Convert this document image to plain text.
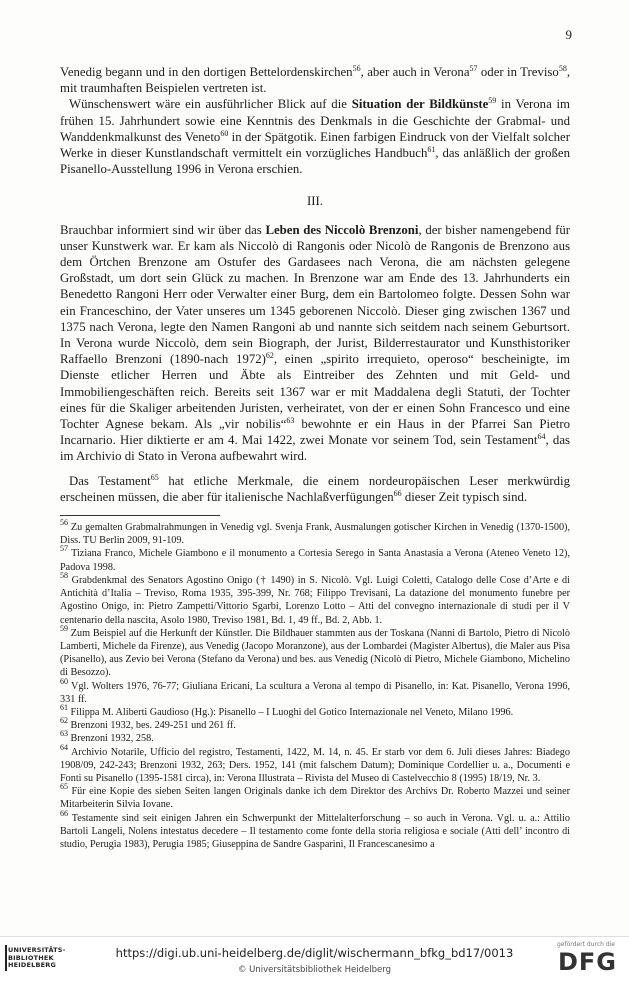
9

Venedig begann und in den dortigen Bettelordenskirchen$^{56}$, aber auch in Verona$^{57}$ oder in Treviso$^{58}$, mit traumhaften Beispielen vertreten ist.

Wünschenswert wäre ein ausführlicher Blick auf die Situation der Bildkünste$^{59}$ in Verona im frühen 15. Jahrhundert sowie eine Kenntnis des Denkmals in die Geschichte der Grabmal- und Wanddenkmalkunst des Veneto$^{60}$ in der Spätgotik. Einen farbigen Eindruck von der Vielfalt solcher Werke in dieser Kunstlandschaft vermittelt ein vorzügliches Handbuch$^{61}$, das anläßlich der großen Pisanello-Ausstellung 1996 in Verona erschien.

III.

Brauchbar informiert sind wir über das Leben des Niccolò Brenzoni, der bisher namengebend für unser Kunstwerk war. Er kam als Niccolò di Rangonis oder Nicolò de Rangonis de Brenzono aus dem Örtchen Brenzone am Ostufer des Gardasees nach Verona, die am nächsten gelegene Großstadt, um dort sein Glück zu machen. In Brenzone war am Ende des 13. Jahrhunderts ein Benedetto Rangoni Herr oder Verwalter einer Burg, dem ein Bartolomeo folgte. Dessen Sohn war ein Franceschino, der Vater unseres um 1345 geborenen Niccolò. Dieser ging zwischen 1367 und 1375 nach Verona, legte den Namen Rangoni ab und nannte sich seitdem nach seinem Geburtsort. In Verona wurde Niccolò, dem sein Biograph, der Jurist, Bilderrestaurator und Kunsthistoriker Raffaello Brenzoni (1890-nach 1972)$^{62}$, einen „spirito irrequieto, operoso“ bescheinigte, im Dienste etlicher Herren und Äbte als Eintreiber des Zehnten und mit Geld- und Immobiliengeschäften reich. Bereits seit 1367 war er mit Maddalena degli Statuti, der Tochter eines für die Skaliger arbeitenden Juristen, verheiratet, von der er einen Sohn Francesco und eine Tochter Agnese bekam. Als „vir nobilis“$^{63}$ bewohnte er ein Haus in der Pfarrei San Pietro Incarnario. Hier diktierte er am 4. Mai 1422, zwei Monate vor seinem Tod, sein Testament$^{64}$, das im Archivio di Stato in Verona aufbewahrt wird.

Das Testament$^{65}$ hat etliche Merkmale, die einem nordeuropäischen Leser merkwürdig erscheinen müssen, die aber für italienische Nachlaßverfügungen$^{66}$ dieser Zeit typisch sind.

$^{56}$ Zu gemalten Grabmalrahmungen in Venedig vgl. Svenja Frank, Ausmalungen gotischer Kirchen in Venedig (1370-1500), Diss. TU Berlin 2009, 91-109.

$^{57}$ Tiziana Franco, Michele Giambono e il monumento a Cortesia Serego in Santa Anastasia a Verona (Ateneo Veneto 12), Padova 1998.

$^{58}$ Grabdenkmal des Senators Agostino Onigo († 1490) in S. Nicolò. Vgl. Luigi Coletti, Catalogo delle Cose d’Arte e di Antichità d’Italia – Treviso, Roma 1935, 395-399, Nr. 768; Filippo Trevisani, La datazione del monumento funebre per Agostino Onigo, in: Pietro Zampetti/Vittorio Sgarbi, Lorenzo Lotto – Atti del convegno internazionale di studi per il V centenario della nascita, Asolo 1980, Treviso 1981, Bd. 1, 49 ff., Bd. 2, Abb. 1.

$^{59}$ Zum Beispiel auf die Herkunft der Künstler. Die Bildhauer stammten aus der Toskana (Nanni di Bartolo, Pietro di Nicolò Lamberti, Michele da Firenze), aus Venedig (Jacopo Moranzone), aus der Lombardei (Magister Albertus), die Maler aus Pisa (Pisanello), aus Zevio bei Verona (Stefano da Verona) und bes. aus Venedig (Nicolò di Pietro, Michele Giambono, Michelino di Besozzo).

$^{60}$ Vgl. Wolters 1976, 76-77; Giuliana Ericani, La scultura a Verona al tempo di Pisanello, in: Kat. Pisanello, Verona 1996, 331 ff.

$^{61}$ Filippa M. Aliberti Gaudioso (Hg.): Pisanello – I Luoghi del Gotico Internazionale nel Veneto, Milano 1996.

$^{62}$ Brenzoni 1932, bes. 249-251 und 261 ff.

$^{63}$ Brenzoni 1932, 258.

$^{64}$ Archivio Notarile, Ufficio del registro, Testamenti, 1422, M. 14, n. 45. Er starb vor dem 6. Juli dieses Jahres: Biadego 1908/09, 242-243; Brenzoni 1932, 263; Ders. 1952, 141 (mit falschem Datum); Dominique Cordellier u. a., Documenti e Fonti su Pisanello (1395-1581 circa), in: Verona Illustrata – Rivista del Museo di Castelvecchio 8 (1995) 18/19, Nr. 3.

$^{65}$ Für eine Kopie des sieben Seiten langen Originals danke ich dem Direktor des Archivs Dr. Roberto Mazzei und seiner Mitarbeiterin Silvia Iovane.

$^{66}$ Testamente sind seit einigen Jahren ein Schwerpunkt der Mittelalterforschung – so auch in Verona. Vgl. u. a.: Attilio Bartoli Langeli, Nolens intestatus decedere – Il testamento come fonte della storia religiosa e sociale (Atti dell’ incontro di studio, Perugia 1983), Perugia 1985; Giuseppina de Sandre Gasparini, Il Francescanesimo a

UNIVERSITÄTS-
BIBLIOTHEK
HEIDELBERG
https://digi.ub.uni-heidelberg.de/diglit/wischermann_bfkg_bd17/0013
© Universitätsbibliothek Heidelberg
gefördert durch die
DFG
